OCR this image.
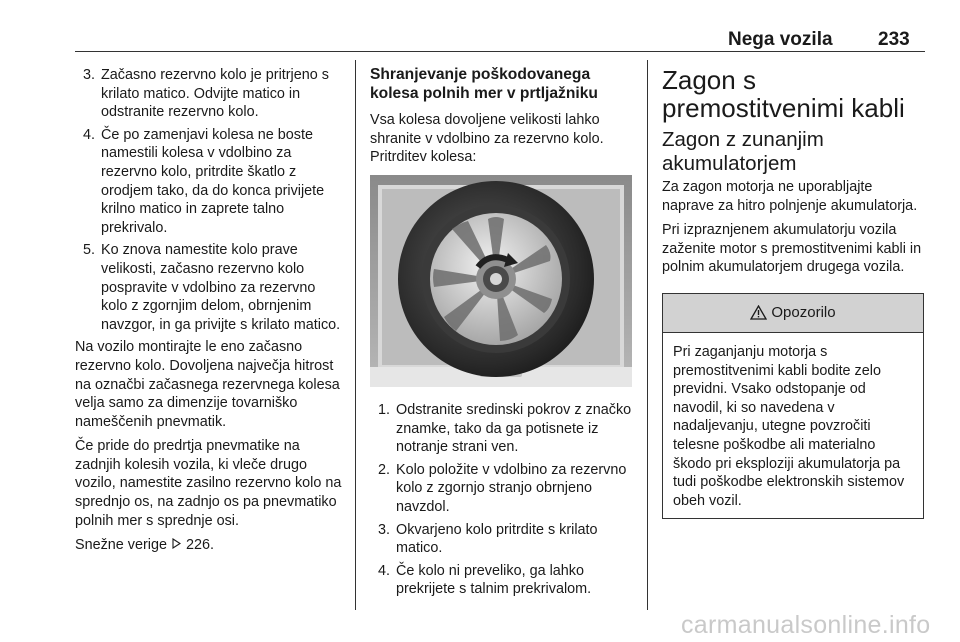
Nega vozila 233
3. Začasno rezervno kolo je pritrjeno s krilato matico. Odvijte matico in odstranite rezervno kolo.
4. Če po zamenjavi kolesa ne boste namestili kolesa v vdolbino za rezervno kolo, pritrdite škatlo z orodjem tako, da do konca privijete krilno matico in zaprete talno prekrivalo.
5. Ko znova namestite kolo prave velikosti, začasno rezervno kolo pospravite v vdolbino za rezervno kolo z zgornjim delom, obrnjenim navzgor, in ga privijte s krilato matico.

Na vozilo montirajte le eno začasno rezervno kolo. Dovoljena največja hitrost na označbi začasnega rezervnega kolesa velja samo za dimenzije tovarniško nameščenih pnevmatik.

Če pride do predrtja pnevmatike na zadnjih kolesih vozila, ki vleče drugo vozilo, namestite zasilno rezervno kolo na sprednjo os, na zadnjo os pa pnevmatiko polnih mer s sprednje osi.

Snežne verige 226.

Shranjevanje poškodovanega kolesa polnih mer v prtljažniku

Vsa kolesa dovoljene velikosti lahko shranite v vdolbino za rezervno kolo. Pritrditev kolesa:

1. Odstranite sredinski pokrov z značko znamke, tako da ga potisnete iz notranje strani ven.
2. Kolo položite v vdolbino za rezervno kolo z zgornjo stranjo obrnjeno navzdol.
3. Okvarjeno kolo pritrdite s krilato matico.
4. Če kolo ni preveliko, ga lahko prekrijete s talnim prekrivalom.
Zagon s premostitvenimi kabli
Zagon z zunanjim akumulatorjem

Za zagon motorja ne uporabljajte naprave za hitro polnjenje akumulatorja.

Pri izpraznjenem akumulatorju vozila zaženite motor s premostitvenimi kabli in polnim akumulatorjem drugega vozila.

Opozorilo
Pri zaganjanju motorja s premostitvenimi kabli bodite zelo previdni. Vsako odstopanje od navodil, ki so navedena v nadaljevanju, utegne povzročiti telesne poškodbe ali materialno škodo pri eksploziji akumulatorja pa tudi poškodbe elektronskih sistemov obeh vozil.
carmanualsonline.info
